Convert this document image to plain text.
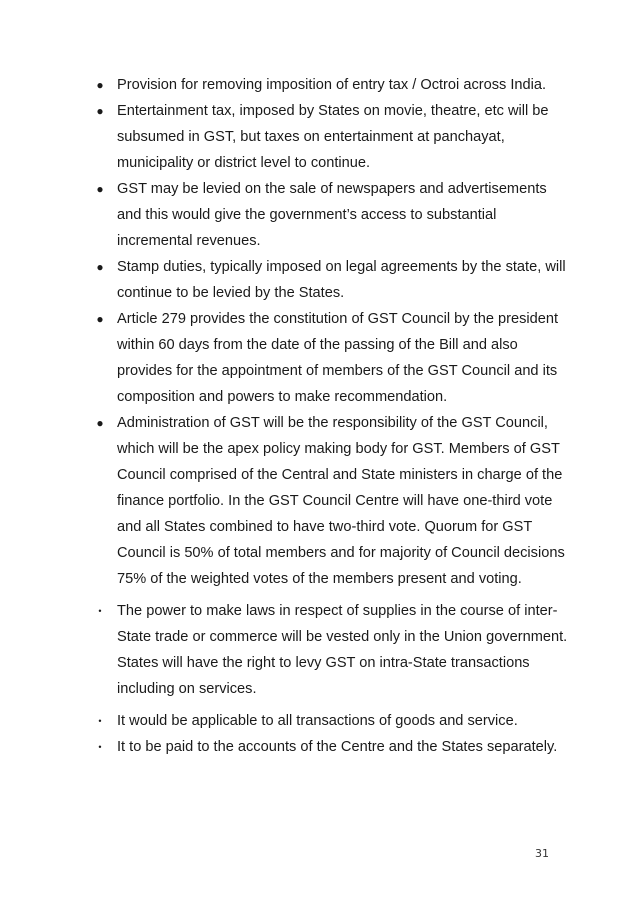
● Provision for removing imposition of entry tax / Octroi across India.
● Entertainment tax, imposed by States on movie, theatre, etc will be subsumed in GST, but taxes on entertainment at panchayat, municipality or district level to continue.
● GST may be levied on the sale of newspapers and advertisements and this would give the government’s access to substantial incremental revenues.
● Stamp duties, typically imposed on legal agreements by the state, will continue to be levied by the States.
● Article 279 provides the constitution of GST Council by the president within 60 days from the date of the passing of the Bill and also provides for the appointment of members of the GST Council and its composition and powers to make recommendation.
● Administration of GST will be the responsibility of the GST Council, which will be the apex policy making body for GST. Members of GST Council comprised of the Central and State ministers in charge of the finance portfolio. In the GST Council Centre will have one-third vote and all States combined to have two-third vote. Quorum for GST Council is 50% of total members and for majority of Council decisions 75% of the weighted votes of the members present and voting.
•	The power to make laws in respect of supplies in the course of inter-State trade or commerce will be vested only in the Union government. States will have the right to levy GST on intra-State transactions including on services.
•	It would be applicable to all transactions of goods and service.
•	It to be paid to the accounts of the Centre and the States separately.
31
